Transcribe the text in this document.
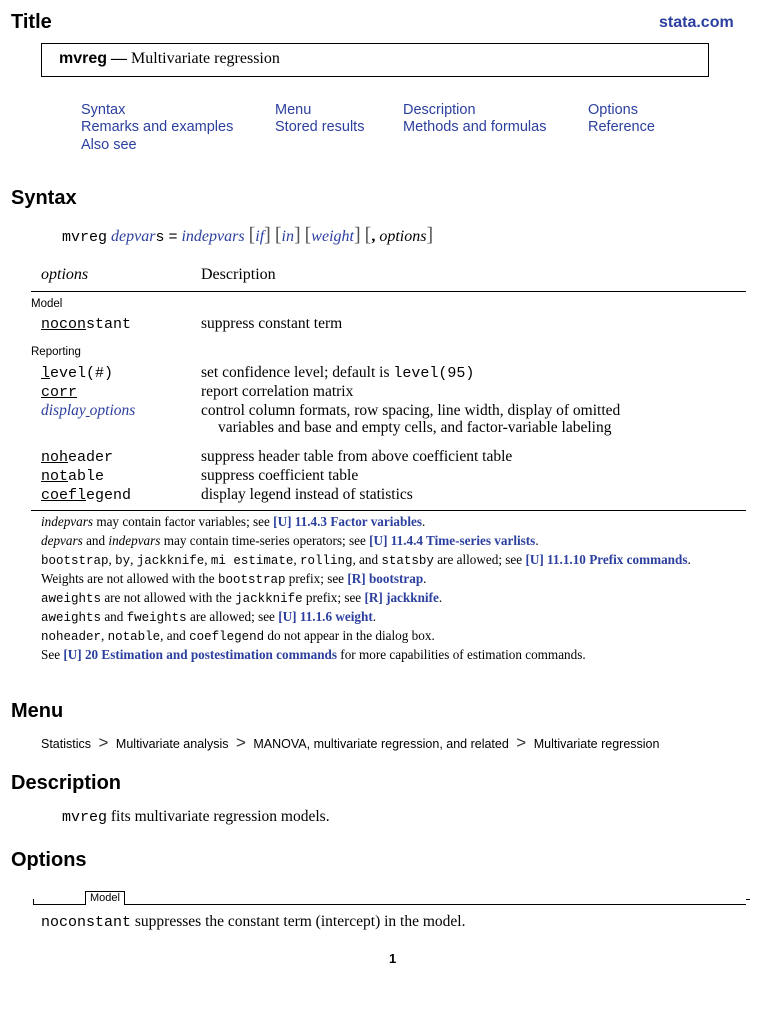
Title	stata.com
mvreg — Multivariate regression
Syntax	Menu	Description	Options
Remarks and examples	Stored results	Methods and formulas	Reference
Also see
Syntax
mvreg depvars = indepvars [if] [in] [weight] [, options]
options	Description
Model
noconstant	suppress constant term
Reporting
level(#)	set confidence level; default is level(95)
corr	report correlation matrix
display options	control column formats, row spacing, line width, display of omitted
variables and base and empty cells, and factor-variable labeling
noheader	suppress header table from above coefficient table
notable	suppress coefficient table
coeflegend	display legend instead of statistics
indepvars may contain factor variables; see [U] 11.4.3 Factor variables.
depvars and indepvars may contain time-series operators; see [U] 11.4.4 Time-series varlists.
bootstrap, by, jackknife, mi estimate, rolling, and statsby are allowed; see [U] 11.1.10 Prefix commands.
Weights are not allowed with the bootstrap prefix; see [R] bootstrap.
aweights are not allowed with the jackknife prefix; see [R] jackknife.
aweights and fweights are allowed; see [U] 11.1.6 weight.
noheader, notable, and coeflegend do not appear in the dialog box.
See [U] 20 Estimation and postestimation commands for more capabilities of estimation commands.
Menu
Statistics > Multivariate analysis > MANOVA, multivariate regression, and related > Multivariate regression
Description
mvreg fits multivariate regression models.
Options
Model
noconstant suppresses the constant term (intercept) in the model.
1
